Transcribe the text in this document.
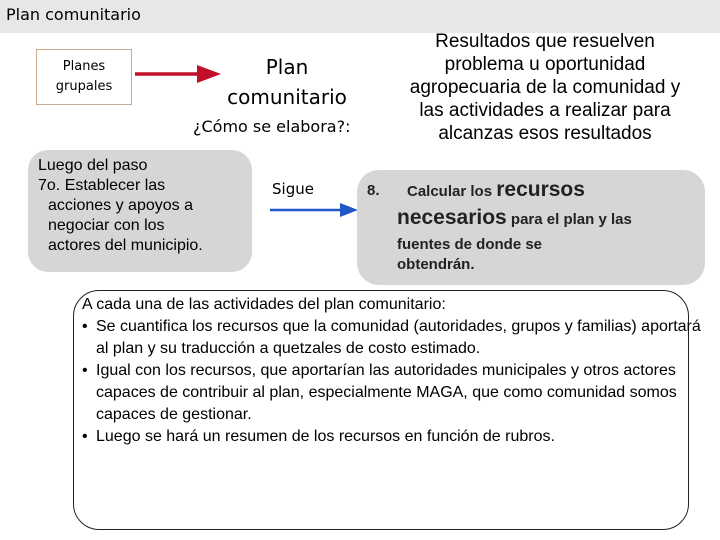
Plan comunitario
Planes
grupales
Plan
comunitario
¿Cómo se elabora?:
Resultados que resuelven
problema u oportunidad
agropecuaria de la comunidad y
las actividades a realizar para
alcanzas esos resultados
Luego del paso
7o. Establecer las
acciones y apoyos a
negociar con los
actores del municipio.
Sigue	8. Calcular los recursos
necesarios para el plan y las
fuentes de donde se
obtendrán.
A cada una de las actividades del plan comunitario:
• Se cuantifica los recursos que la comunidad (autoridades, grupos y familias) aportará al plan y su traducción a quetzales de costo estimado.
• Igual con los recursos, que aportarían las autoridades municipales y otros actores capaces de contribuir al plan, especialmente MAGA, que como comunidad somos capaces de gestionar.
• Luego se hará un resumen de los recursos en función de rubros.
